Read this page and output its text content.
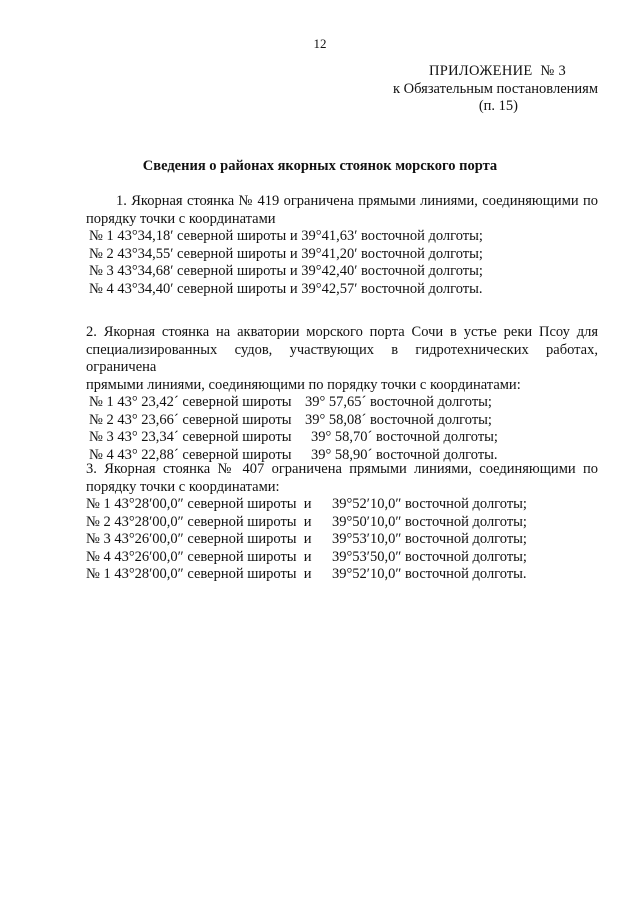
12
ПРИЛОЖЕНИЕ  № 3
к Обязательным постановлениям
(п. 15)
Сведения о районах якорных стоянок морского порта
1. Якорная стоянка № 419 ограничена прямыми линиями, соединяющими по
порядку точки с координатами
№ 1 43°34,18′ северной широты и 39°41,63′ восточной долготы;
№ 2 43°34,55′ северной широты и 39°41,20′ восточной долготы;
№ 3 43°34,68′ северной широты и 39°42,40′ восточной долготы;
№ 4 43°34,40′ северной широты и 39°42,57′ восточной долготы.
2. Якорная стоянка на акватории морского порта Сочи в устье реки Псоу для
специализированных судов, участвующих в гидротехнических работах, ограничена
прямыми линиями, соединяющими по порядку точки с координатами:
№ 1 43° 23,42´ северной широты 39° 57,65´ восточной долготы;
№ 2 43° 23,66´ северной широты 39° 58,08´ восточной долготы;
№ 3 43° 23,34´ северной широты	39° 58,70´ восточной долготы;
№ 4 43° 22,88´ северной широты	39° 58,90´ восточной долготы.
3. Якорная стоянка № 407 ограничена прямыми линиями, соединяющими по
порядку точки с координатами:
№ 1 43°28′00,0″ северной широты  и	39°52′10,0″ восточной долготы;
№ 2 43°28′00,0″ северной широты  и	39°50′10,0″ восточной долготы;
№ 3 43°26′00,0″ северной широты  и	39°53′10,0″ восточной долготы;
№ 4 43°26′00,0″ северной широты  и	39°53′50,0″ восточной долготы;
№ 1 43°28′00,0″ северной широты  и	39°52′10,0″ восточной долготы.
